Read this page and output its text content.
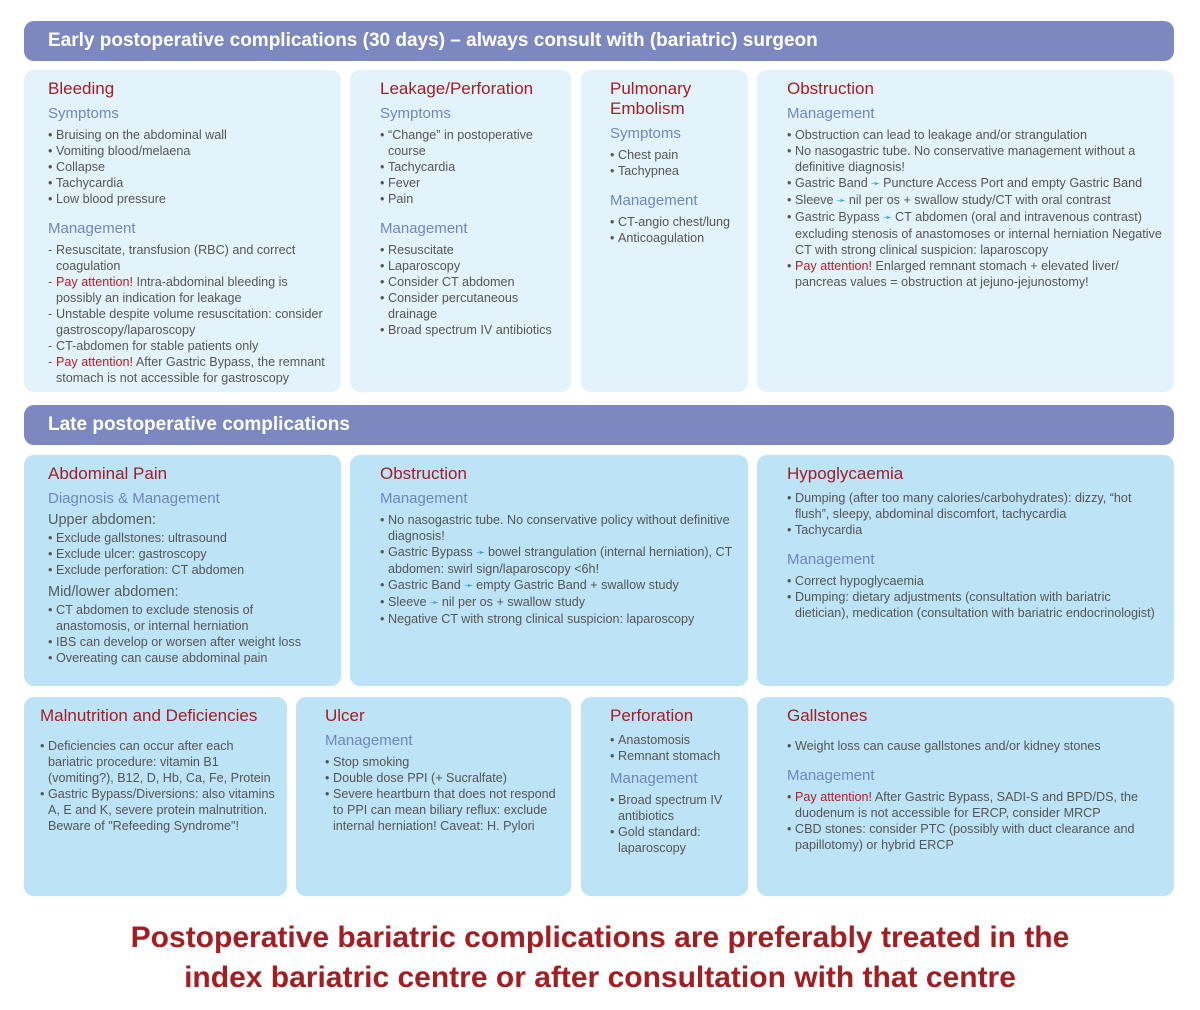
Early postoperative complications (30 days) – always consult with (bariatric) surgeon
Bleeding
Symptoms
• Bruising on the abdominal wall
• Vomiting blood/melaena
• Collapse
• Tachycardia
• Low blood pressure
Management
- Resuscitate, transfusion (RBC) and correct coagulation
- Pay attention! Intra-abdominal bleeding is possibly an indication for leakage
- Unstable despite volume resuscitation: consider gastroscopy/laparoscopy
- CT-abdomen for stable patients only
- Pay attention! After Gastric Bypass, the remnant stomach is not accessible for gastroscopy
Leakage/Perforation
Symptoms
• “Change” in postoperative course
• Tachycardia
• Fever
• Pain
Management
• Resuscitate
• Laparoscopy
• Consider CT abdomen
• Consider percutaneous drainage
• Broad spectrum IV antibiotics
Pulmonary Embolism
Symptoms
• Chest pain
• Tachypnea
Management
• CT-angio chest/lung
• Anticoagulation
Obstruction
Management
• Obstruction can lead to leakage and/or strangulation
• No nasogastric tube. No conservative management without a definitive diagnosis!
• Gastric Band ➛ Puncture Access Port and empty Gastric Band
• Sleeve ➛ nil per os + swallow study/CT with oral contrast
• Gastric Bypass ➛ CT abdomen (oral and intravenous contrast) excluding stenosis of anastomoses or internal herniation Negative CT with strong clinical suspicion: laparoscopy
• Pay attention! Enlarged remnant stomach + elevated liver/ pancreas values = obstruction at jejuno-jejunostomy!
Late postoperative complications
Abdominal Pain
Diagnosis & Management
Upper abdomen:
• Exclude gallstones: ultrasound
• Exclude ulcer: gastroscopy
• Exclude perforation: CT abdomen
Mid/lower abdomen:
• CT abdomen to exclude stenosis of anastomosis, or internal herniation
• IBS can develop or worsen after weight loss
• Overeating can cause abdominal pain
Obstruction
Management
• No nasogastric tube. No conservative policy without definitive diagnosis!
• Gastric Bypass ➛ bowel strangulation (internal herniation), CT abdomen: swirl sign/laparoscopy <6h!
• Gastric Band ➛ empty Gastric Band + swallow study
• Sleeve ➛ nil per os + swallow study
• Negative CT with strong clinical suspicion: laparoscopy
Hypoglycaemia
• Dumping (after too many calories/carbohydrates): dizzy, “hot flush”, sleepy, abdominal discomfort, tachycardia
• Tachycardia
Management
• Correct hypoglycaemia
• Dumping: dietary adjustments (consultation with bariatric dietician), medication (consultation with bariatric endocrinologist)
Malnutrition and Deficiencies
• Deficiencies can occur after each bariatric procedure: vitamin B1 (vomiting?), B12, D, Hb, Ca, Fe, Protein
• Gastric Bypass/Diversions: also vitamins A, E and K, severe protein malnutrition. Beware of "Refeeding Syndrome"!
Ulcer
Management
• Stop smoking
• Double dose PPI (+ Sucralfate)
• Severe heartburn that does not respond to PPI can mean biliary reflux: exclude internal herniation! Caveat: H. Pylori
Perforation
• Anastomosis
• Remnant stomach
Management
• Broad spectrum IV antibiotics
• Gold standard: laparoscopy
Gallstones
• Weight loss can cause gallstones and/or kidney stones
Management
• Pay attention! After Gastric Bypass, SADI-S and BPD/DS, the duodenum is not accessible for ERCP, consider MRCP
• CBD stones: consider PTC (possibly with duct clearance and papillotomy) or hybrid ERCP
Postoperative bariatric complications are preferably treated in the
index bariatric centre or after consultation with that centre
